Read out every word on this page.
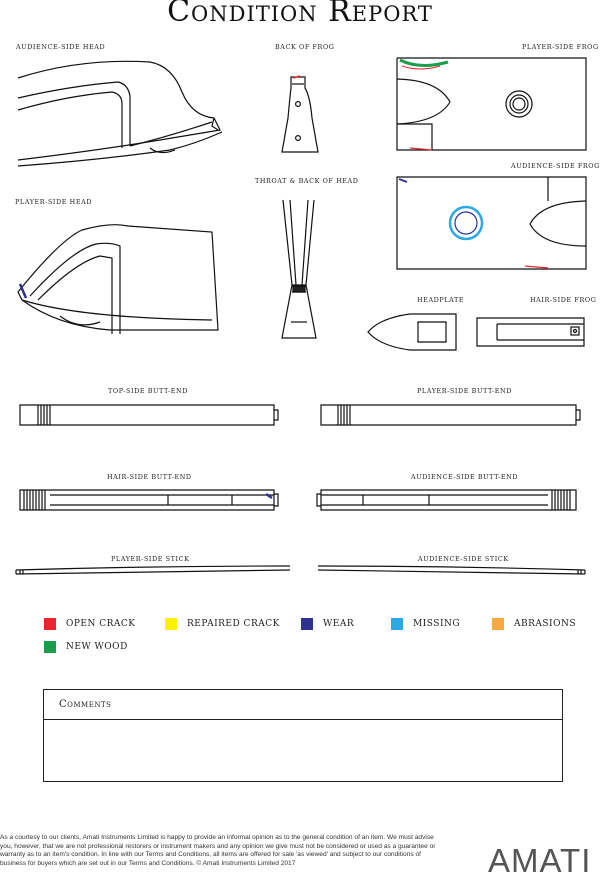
Condition Report
AUDIENCE-SIDE HEAD	BACK OF FROG	PLAYER-SIDE FROG
AUDIENCE-SIDE FROG
THROAT & BACK OF HEAD
PLAYER-SIDE HEAD
HEADPLATE	HAIR-SIDE FROG
TOP-SIDE BUTT-END	PLAYER-SIDE BUTT-END
HAIR-SIDE BUTT-END	AUDIENCE-SIDE BUTT-END
PLAYER-SIDE STICK	AUDIENCE-SIDE STICK
OPEN CRACK	REPAIRED CRACK	WEAR	MISSING	ABRASIONS
NEW WOOD
Comments
As a courtesy to our clients, Amati Instruments Limited is happy to provide an informal opinion as to the general condition of an item. We must advise you, however, that we are not professional restorers or instrument makers and any opinion we give must not be considered or used as a guarantee or warranty as to an item's condition. In line with our Terms and Conditions, all items are offered for sale 'as viewed' and subject to our conditions of business for buyers which are set out in our Terms and Conditions. © Amati Instruments Limited 2017	AMATI
